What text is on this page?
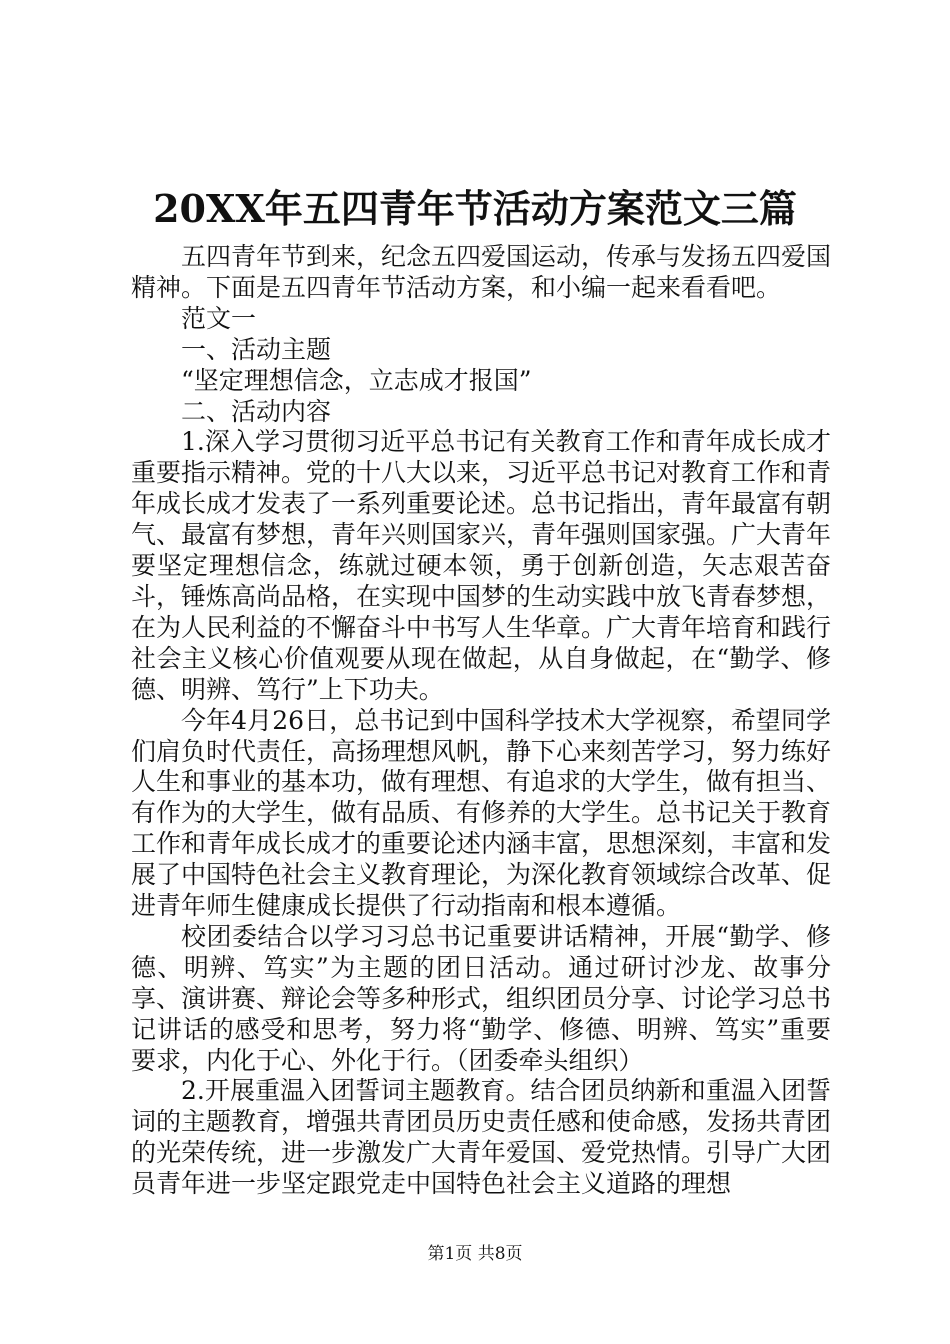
20XX年五四青年节活动方案范文三篇

五四青年节到来，纪念五四爱国运动，传承与发扬五四爱国精神。下面是五四青年节活动方案，和小编一起来看看吧。

范文一

一、活动主题

“坚定理想信念，立志成才报国”

二、活动内容

1.深入学习贯彻习近平总书记有关教育工作和青年成长成才重要指示精神。党的十八大以来，习近平总书记对教育工作和青年成长成才发表了一系列重要论述。总书记指出，青年最富有朝气、最富有梦想，青年兴则国家兴，青年强则国家强。广大青年要坚定理想信念，练就过硬本领，勇于创新创造，矢志艰苦奋斗，锤炼高尚品格，在实现中国梦的生动实践中放飞青春梦想，在为人民利益的不懈奋斗中书写人生华章。广大青年培育和践行社会主义核心价值观要从现在做起，从自身做起，在“勤学、修德、明辨、笃行”上下功夫。

今年4月26日，总书记到中国科学技术大学视察，希望同学们肩负时代责任，高扬理想风帆，静下心来刻苦学习，努力练好人生和事业的基本功，做有理想、有追求的大学生，做有担当、有作为的大学生，做有品质、有修养的大学生。总书记关于教育工作和青年成长成才的重要论述内涵丰富，思想深刻，丰富和发展了中国特色社会主义教育理论，为深化教育领域综合改革、促进青年师生健康成长提供了行动指南和根本遵循。

校团委结合以学习习总书记重要讲话精神，开展“勤学、修德、明辨、笃实”为主题的团日活动。通过研讨沙龙、故事分享、演讲赛、辩论会等多种形式，组织团员分享、讨论学习总书记讲话的感受和思考，努力将“勤学、修德、明辨、笃实”重要要求，内化于心、外化于行。（团委牵头组织）

2.开展重温入团誓词主题教育。结合团员纳新和重温入团誓词的主题教育，增强共青团员历史责任感和使命感，发扬共青团的光荣传统，进一步激发广大青年爱国、爱党热情。引导广大团员青年进一步坚定跟党走中国特色社会主义道路的理想

第1页 共8页
